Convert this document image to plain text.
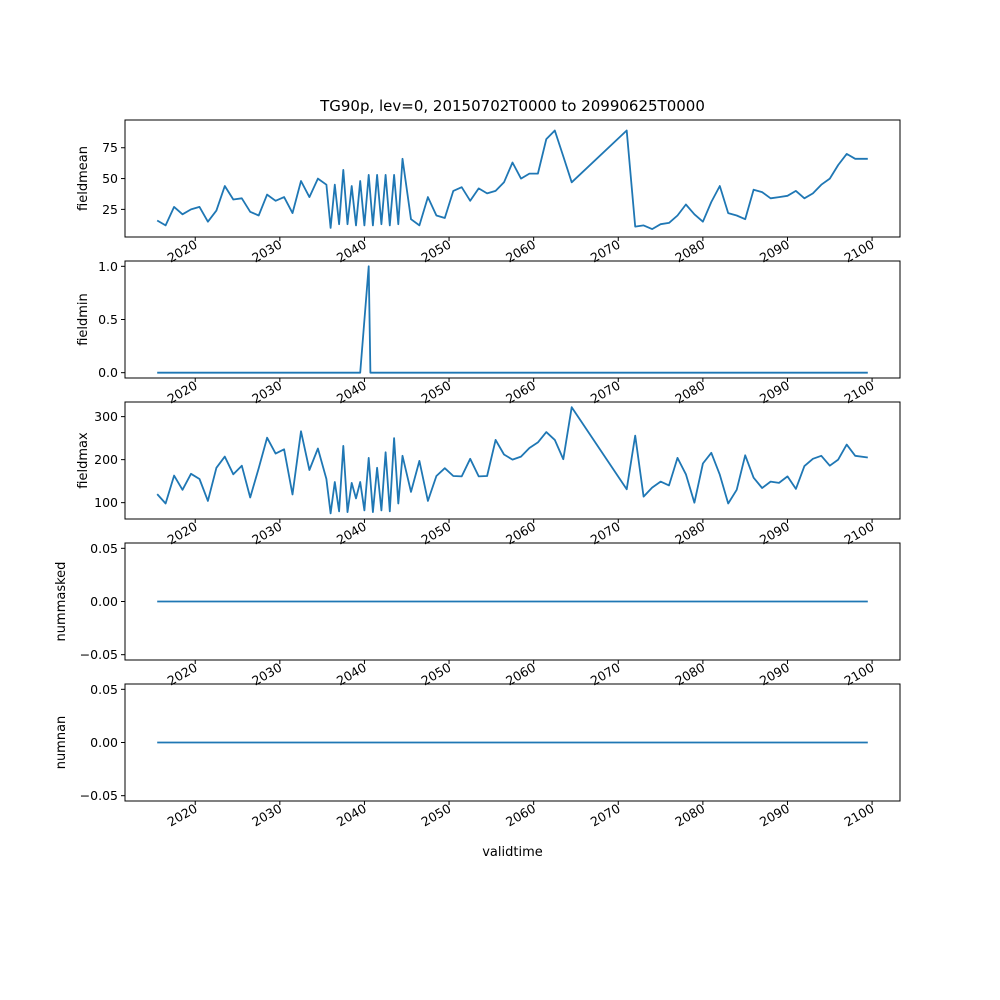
TG90p, lev=0, 20150702T0000 to 20990625T0000
25
50
75
fieldmean
2020	2030	2040	2050	2060	2070	2080	2090	2100
0.0
0.5
1.0
fieldmin
2020	2030	2040	2050	2060	2070	2080	2090	2100
100
200
300
fieldmax
2020	2030	2040	2050	2060	2070	2080	2090	2100
−0.05
0.00
0.05
nummasked
2020	2030	2040	2050	2060	2070	2080	2090	2100
−0.05
0.00
0.05
numnan
2020	2030	2040	2050	2060	2070	2080	2090	2100
validtime
